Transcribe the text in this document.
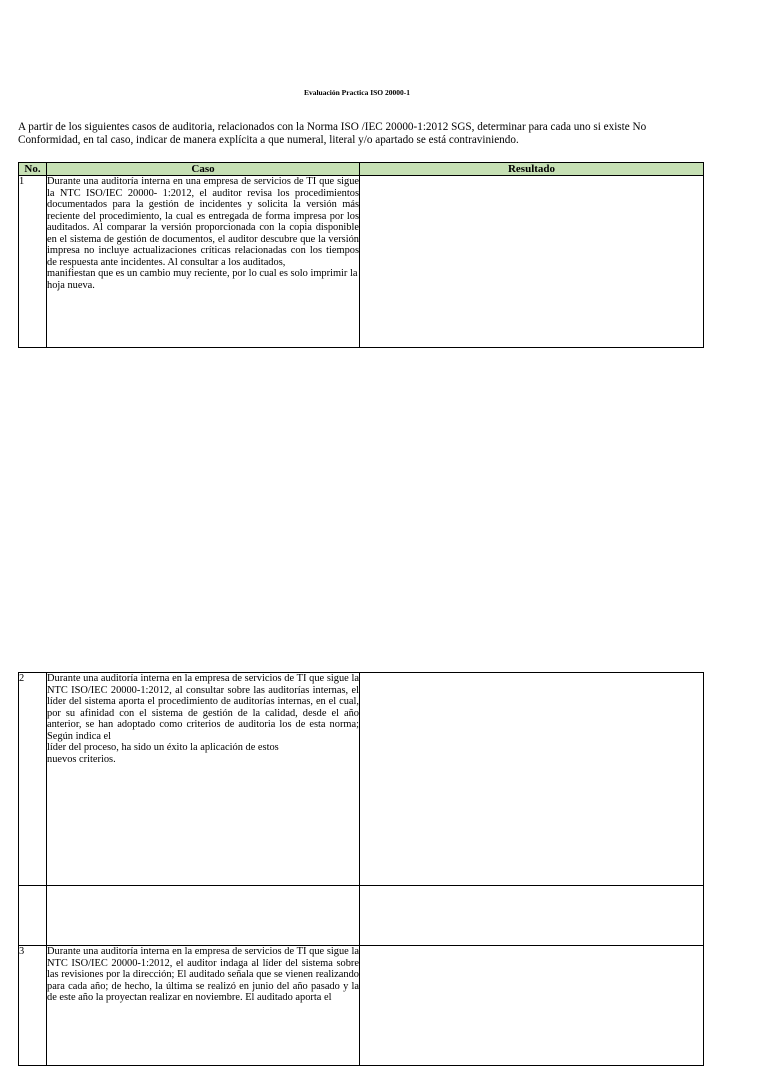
Evaluación Practica ISO 20000-1
A partir de los siguientes casos de auditoria, relacionados con la Norma ISO /IEC 20000-1:2012 SGS, determinar para cada uno si existe No
Conformidad, en tal caso, indicar de manera explícita a que numeral, literal y/o apartado se está contraviniendo.
No.	Caso	Resultado
1	Durante una auditoría interna en una empresa de servicios de TI que sigue la NTC ISO/IEC 20000- 1:2012, el auditor revisa los procedimientos documentados para la gestión de incidentes y solicita la versión más reciente del procedimiento, la cual es entregada de forma impresa por los auditados. Al comparar la versión proporcionada con la copia disponible en el sistema de gestión de documentos, el auditor descubre que la versión impresa no incluye actualizaciones críticas relacionadas con los tiempos de respuesta ante incidentes. Al consultar a los auditados,
manifiestan que es un cambio muy reciente, por lo cual es solo imprimir la hoja nueva.	

2	Durante una auditoría interna en la empresa de servicios de TI que sigue la NTC ISO/IEC 20000-1:2012, al consultar sobre las auditorías internas, el líder del sistema aporta el procedimiento de auditorías internas, en el cual, por su afinidad con el sistema de gestión de la calidad, desde el año anterior, se han adoptado como criterios de auditoria los de esta norma; Según indica el
líder del proceso, ha sido un éxito la aplicación de estos
nuevos criterios.	

3	Durante una auditoría interna en la empresa de servicios de TI que sigue la NTC ISO/IEC 20000-1:2012, el auditor indaga al líder del sistema sobre las revisiones por la dirección; El auditado señala que se vienen realizando para cada año; de hecho, la última se realizó en junio del año pasado y la de este año la proyectan realizar en noviembre. El auditado aporta el	
